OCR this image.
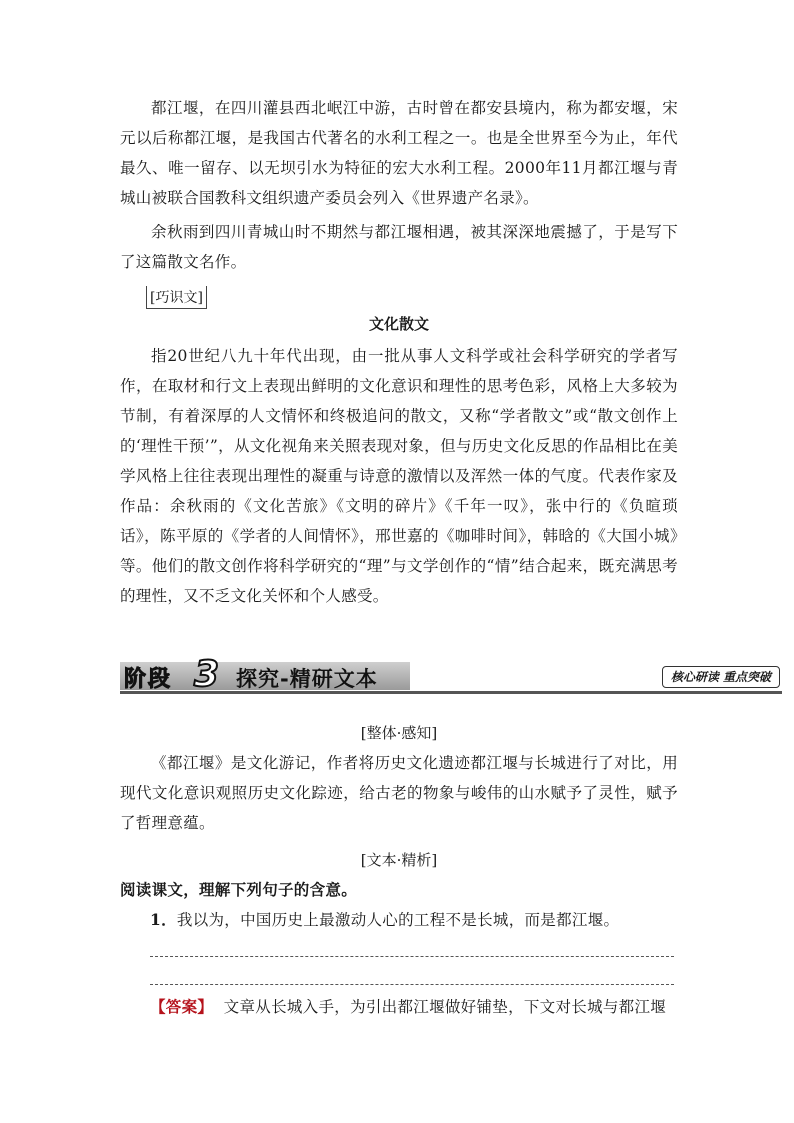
都江堰，在四川灌县西北岷江中游，古时曾在都安县境内，称为都安堰，宋元以后称都江堰，是我国古代著名的水利工程之一。也是全世界至今为止，年代最久、唯一留存、以无坝引水为特征的宏大水利工程。2000年11月都江堰与青城山被联合国教科文组织遗产委员会列入《世界遗产名录》。

余秋雨到四川青城山时不期然与都江堰相遇，被其深深地震撼了，于是写下了这篇散文名作。

[巧识文]
文化散文

指20世纪八九十年代出现，由一批从事人文科学或社会科学研究的学者写作，在取材和行文上表现出鲜明的文化意识和理性的思考色彩，风格上大多较为节制，有着深厚的人文情怀和终极追问的散文，又称“学者散文”或“散文创作上的‘理性干预’”，从文化视角来关照表现对象，但与历史文化反思的作品相比在美学风格上往往表现出理性的凝重与诗意的激情以及浑然一体的气度。代表作家及作品：余秋雨的《文化苦旅》《文明的碎片》《千年一叹》，张中行的《负暄琐话》，陈平原的《学者的人间情怀》，邢世嘉的《咖啡时间》，韩晗的《大国小城》等。他们的散文创作将科学研究的“理”与文学创作的“情”结合起来，既充满思考的理性，又不乏文化关怀和个人感受。

阶段 3 探究-精研文本	核心研读 重点突破
[整体·感知]

《都江堰》是文化游记，作者将历史文化遗迹都江堰与长城进行了对比，用现代文化意识观照历史文化踪迹，给古老的物象与峻伟的山水赋予了灵性，赋予了哲理意蕴。

[文本·精析]

阅读课文，理解下列句子的含意。

1．我以为，中国历史上最激动人心的工程不是长城，而是都江堰。

【答案】 文章从长城入手，为引出都江堰做好铺垫，下文对长城与都江堰
